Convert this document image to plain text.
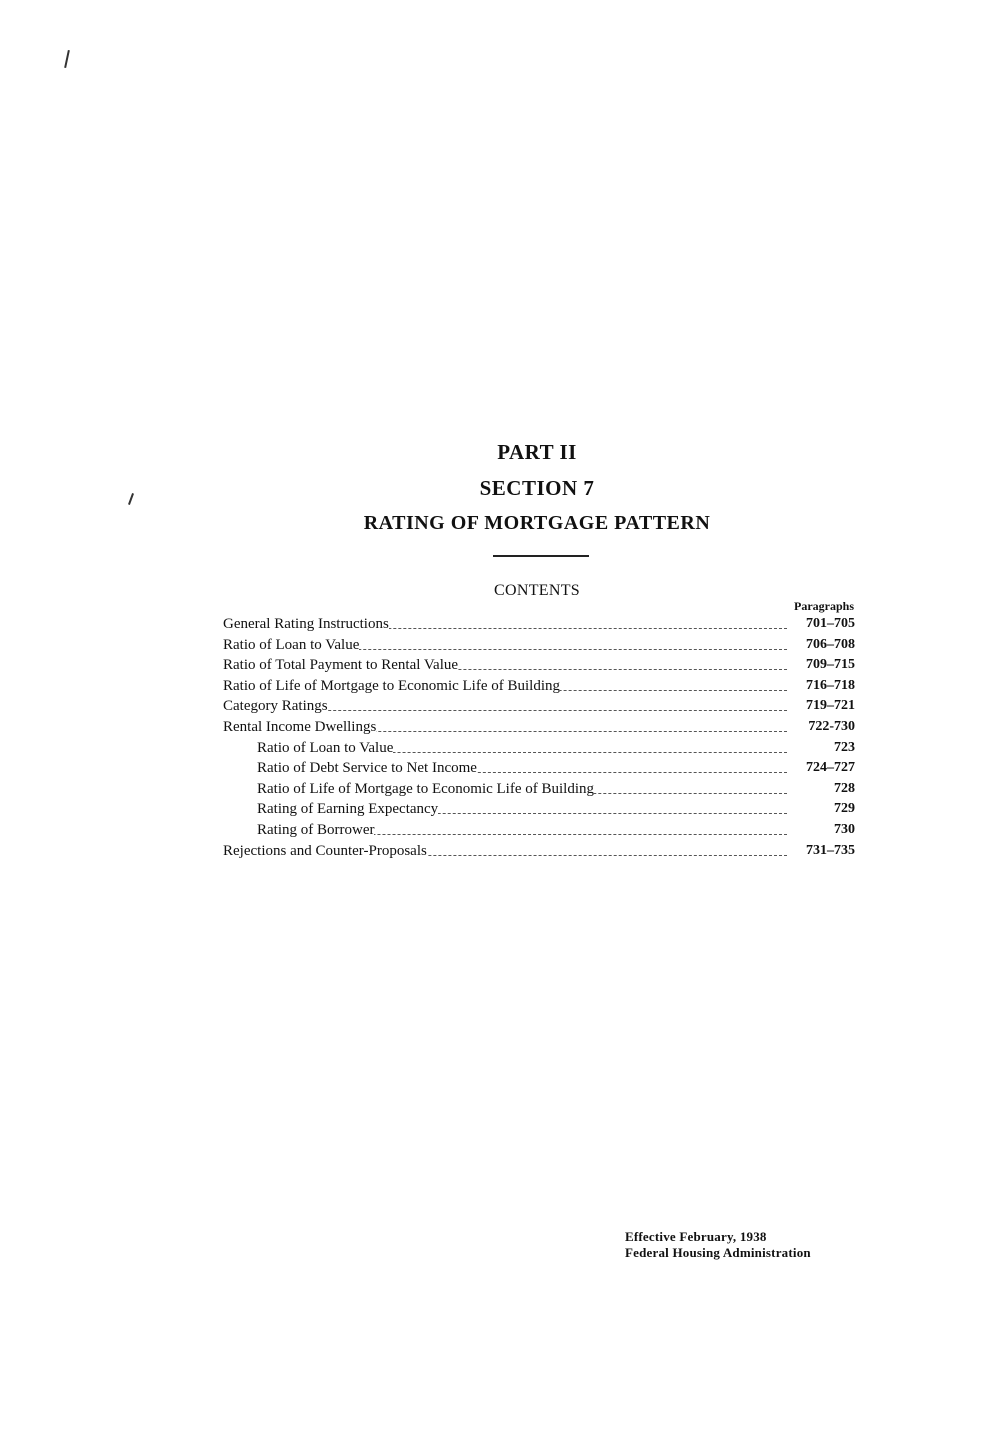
PART II
SECTION 7
RATING OF MORTGAGE PATTERN
CONTENTS
Paragraphs
General Rating Instructions	701–705
Ratio of Loan to Value	706–708
Ratio of Total Payment to Rental Value	709–715
Ratio of Life of Mortgage to Economic Life of Building	716–718
Category Ratings	719–721
Rental Income Dwellings	722-730
Ratio of Loan to Value	723
Ratio of Debt Service to Net Income	724–727
Ratio of Life of Mortgage to Economic Life of Building	728
Rating of Earning Expectancy	729
Rating of Borrower	730
Rejections and Counter-Proposals	731–735
Effective February, 1938
Federal Housing Administration
